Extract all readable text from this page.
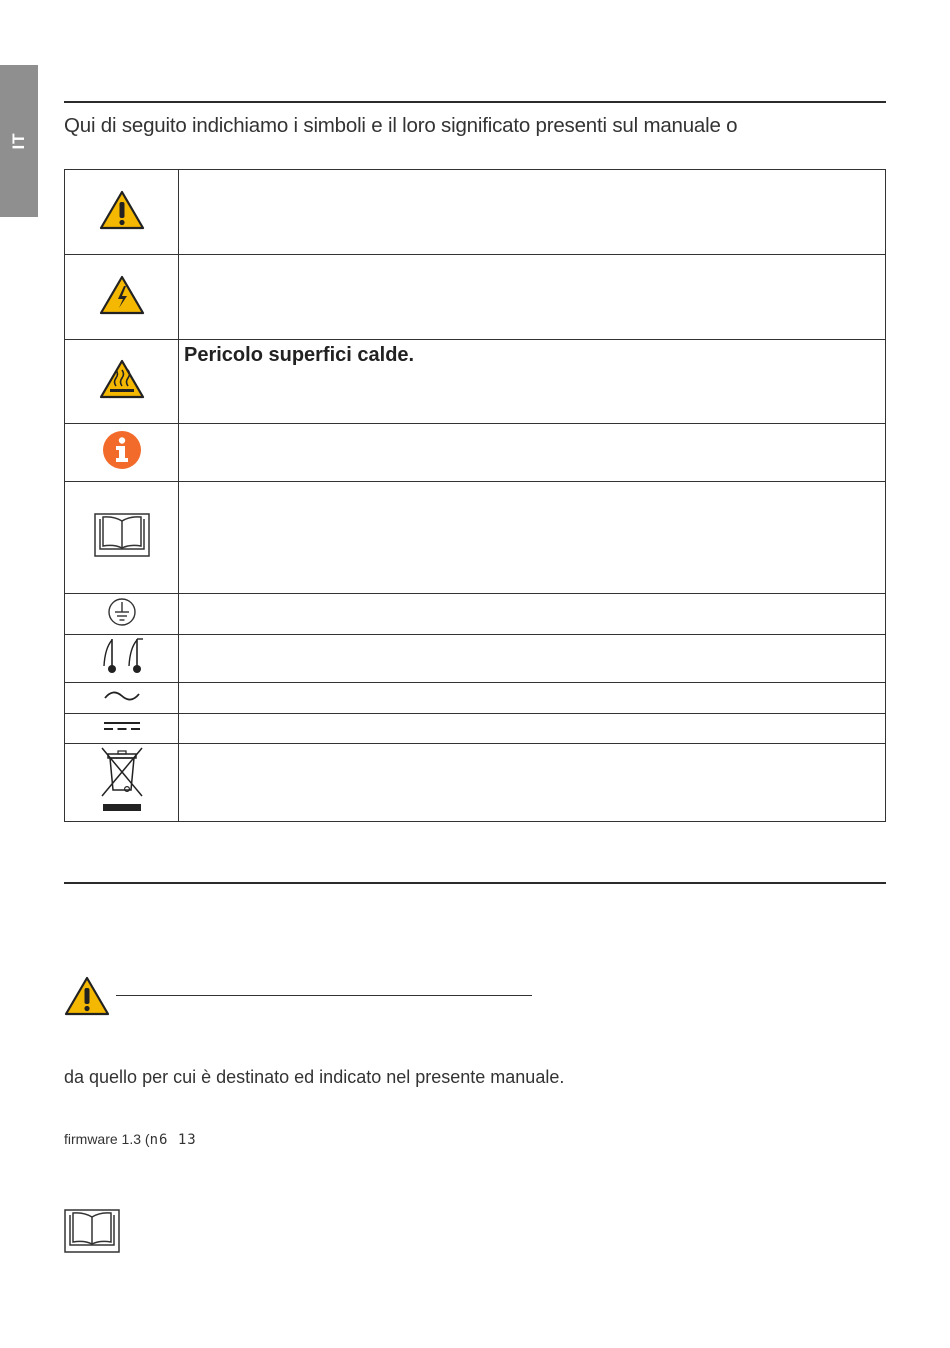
IT
Qui di seguito indichiamo i simboli e il loro significato presenti sul manuale o

	Pericolo superfici calde.

da quello per cui è destinato ed indicato nel presente manuale.
firmware 1.3 (n6 13
